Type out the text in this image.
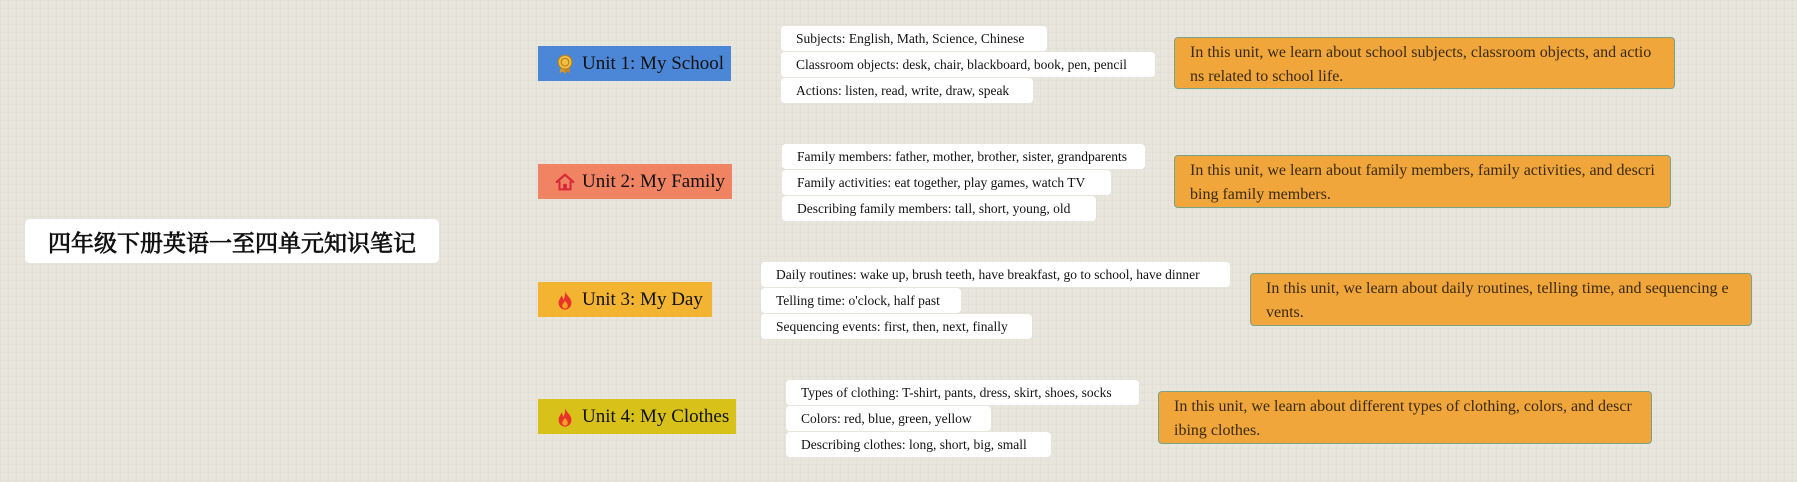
四年级下册英语一至四单元知识笔记
Unit 1: My School
Subjects: English, Math, Science, Chinese
Classroom objects: desk, chair, blackboard, book, pen, pencil
Actions: listen, read, write, draw, speak
In this unit, we learn about school subjects, classroom objects, and actions related to school life.
Unit 2: My Family
Family members: father, mother, brother, sister, grandparents
Family activities: eat together, play games, watch TV
Describing family members: tall, short, young, old
In this unit, we learn about family members, family activities, and describing family members.
Unit 3: My Day
Daily routines: wake up, brush teeth, have breakfast, go to school, have dinner
Telling time: o'clock, half past
Sequencing events: first, then, next, finally
In this unit, we learn about daily routines, telling time, and sequencing events.
Unit 4: My Clothes
Types of clothing: T-shirt, pants, dress, skirt, shoes, socks
Colors: red, blue, green, yellow
Describing clothes: long, short, big, small
In this unit, we learn about different types of clothing, colors, and describing clothes.
